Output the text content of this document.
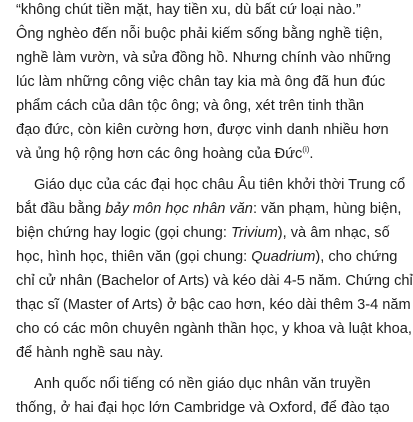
“không chút tiền mặt, hay tiền xu, dù bất cứ loại nào.”
Ông nghèo đến nỗi buộc phải kiếm sống bằng nghề tiện,
nghề làm vườn, và sửa đồng hồ. Nhưng chính vào những
lúc làm những công việc chân tay kia mà ông đã hun đúc
phẩm cách của dân tộc ông; và ông, xét trên tinh thần
đạo đức, còn kiên cường hơn, được vinh danh nhiều hơn
và ủng hộ rộng hơn các ông hoàng của Đức$^{(i)}$.

Giáo dục của các đại học châu Âu tiên khởi thời Trung cổ
bắt đầu bằng bảy môn học nhân văn: văn phạm, hùng biện,
biện chứng hay logic (gọi chung: Trivium), và âm nhạc, số
học, hình học, thiên văn (gọi chung: Quadrium), cho chứng
chỉ cử nhân (Bachelor of Arts) và kéo dài 4-5 năm. Chứng chỉ
thạc sĩ (Master of Arts) ở bậc cao hơn, kéo dài thêm 3-4 năm
cho có các môn chuyên ngành thần học, y khoa và luật khoa,
để hành nghề sau này.

Anh quốc nổi tiếng có nền giáo dục nhân văn truyền
thống, ở hai đại học lớn Cambridge và Oxford, để đào tạo
